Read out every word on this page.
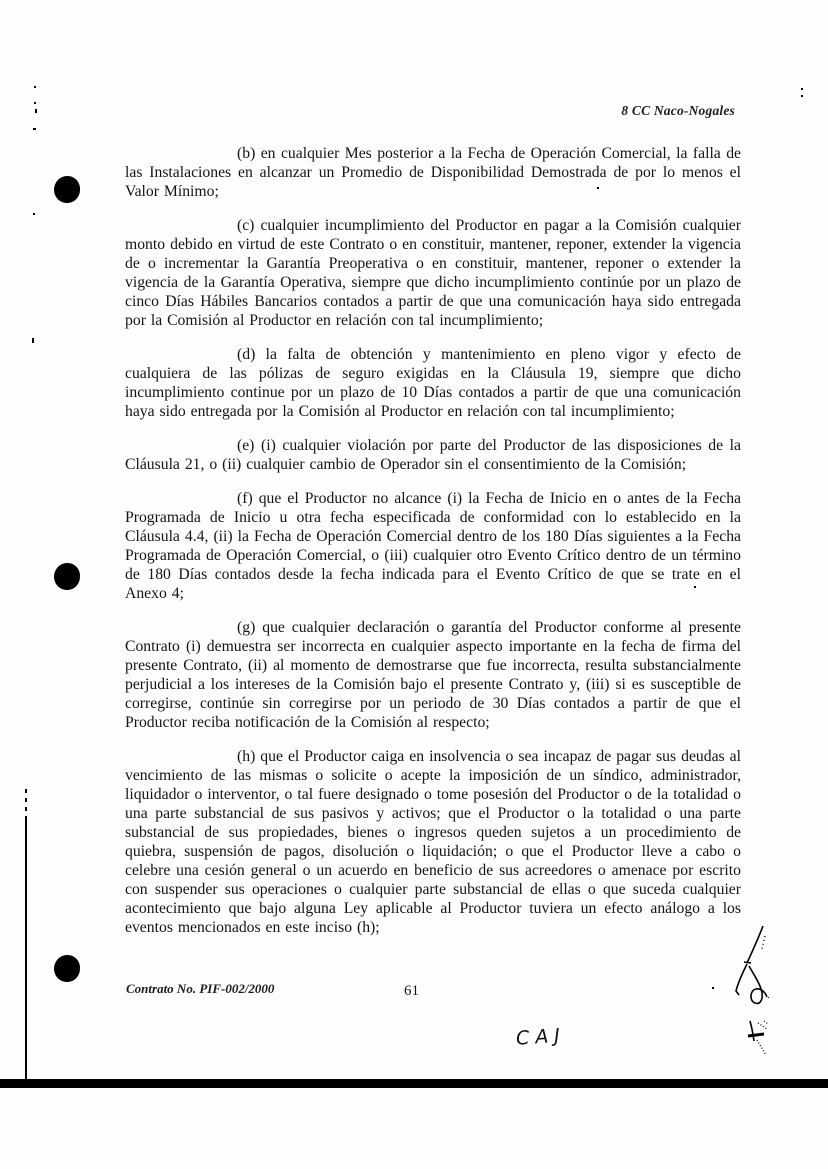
8 CC Naco-Nogales

(b) en cualquier Mes posterior a la Fecha de Operación Comercial, la falla de las Instalaciones en alcanzar un Promedio de Disponibilidad Demostrada de por lo menos el Valor Mínimo;

(c) cualquier incumplimiento del Productor en pagar a la Comisión cualquier monto debido en virtud de este Contrato o en constituir, mantener, reponer, extender la vigencia de o incrementar la Garantía Preoperativa o en constituir, mantener, reponer o extender la vigencia de la Garantía Operativa, siempre que dicho incumplimiento continúe por un plazo de cinco Días Hábiles Bancarios contados a partir de que una comunicación haya sido entregada por la Comisión al Productor en relación con tal incumplimiento;

(d) la falta de obtención y mantenimiento en pleno vigor y efecto de cualquiera de las pólizas de seguro exigidas en la Cláusula 19, siempre que dicho incumplimiento continue por un plazo de 10 Días contados a partir de que una comunicación haya sido entregada por la Comisión al Productor en relación con tal incumplimiento;

(e) (i) cualquier violación por parte del Productor de las disposiciones de la Cláusula 21, o (ii) cualquier cambio de Operador sin el consentimiento de la Comisión;

(f) que el Productor no alcance (i) la Fecha de Inicio en o antes de la Fecha Programada de Inicio u otra fecha especificada de conformidad con lo establecido en la Cláusula 4.4, (ii) la Fecha de Operación Comercial dentro de los 180 Días siguientes a la Fecha Programada de Operación Comercial, o (iii) cualquier otro Evento Crítico dentro de un término de 180 Días contados desde la fecha indicada para el Evento Crítico de que se trate en el Anexo 4;

(g) que cualquier declaración o garantía del Productor conforme al presente Contrato (i) demuestra ser incorrecta en cualquier aspecto importante en la fecha de firma del presente Contrato, (ii) al momento de demostrarse que fue incorrecta, resulta substancialmente perjudicial a los intereses de la Comisión bajo el presente Contrato y, (iii) si es susceptible de corregirse, continúe sin corregirse por un periodo de 30 Días contados a partir de que el Productor reciba notificación de la Comisión al respecto;

(h) que el Productor caiga en insolvencia o sea incapaz de pagar sus deudas al vencimiento de las mismas o solicite o acepte la imposición de un síndico, administrador, liquidador o interventor, o tal fuere designado o tome posesión del Productor o de la totalidad o una parte substancial de sus pasivos y activos; que el Productor o la totalidad o una parte substancial de sus propiedades, bienes o ingresos queden sujetos a un procedimiento de quiebra, suspensión de pagos, disolución o liquidación; o que el Productor lleve a cabo o celebre una cesión general o un acuerdo en beneficio de sus acreedores o amenace por escrito con suspender sus operaciones o cualquier parte substancial de ellas o que suceda cualquier acontecimiento que bajo alguna Ley aplicable al Productor tuviera un efecto análogo a los eventos mencionados en este inciso (h);

Contrato No. PIF-002/2000	61
CAJ
